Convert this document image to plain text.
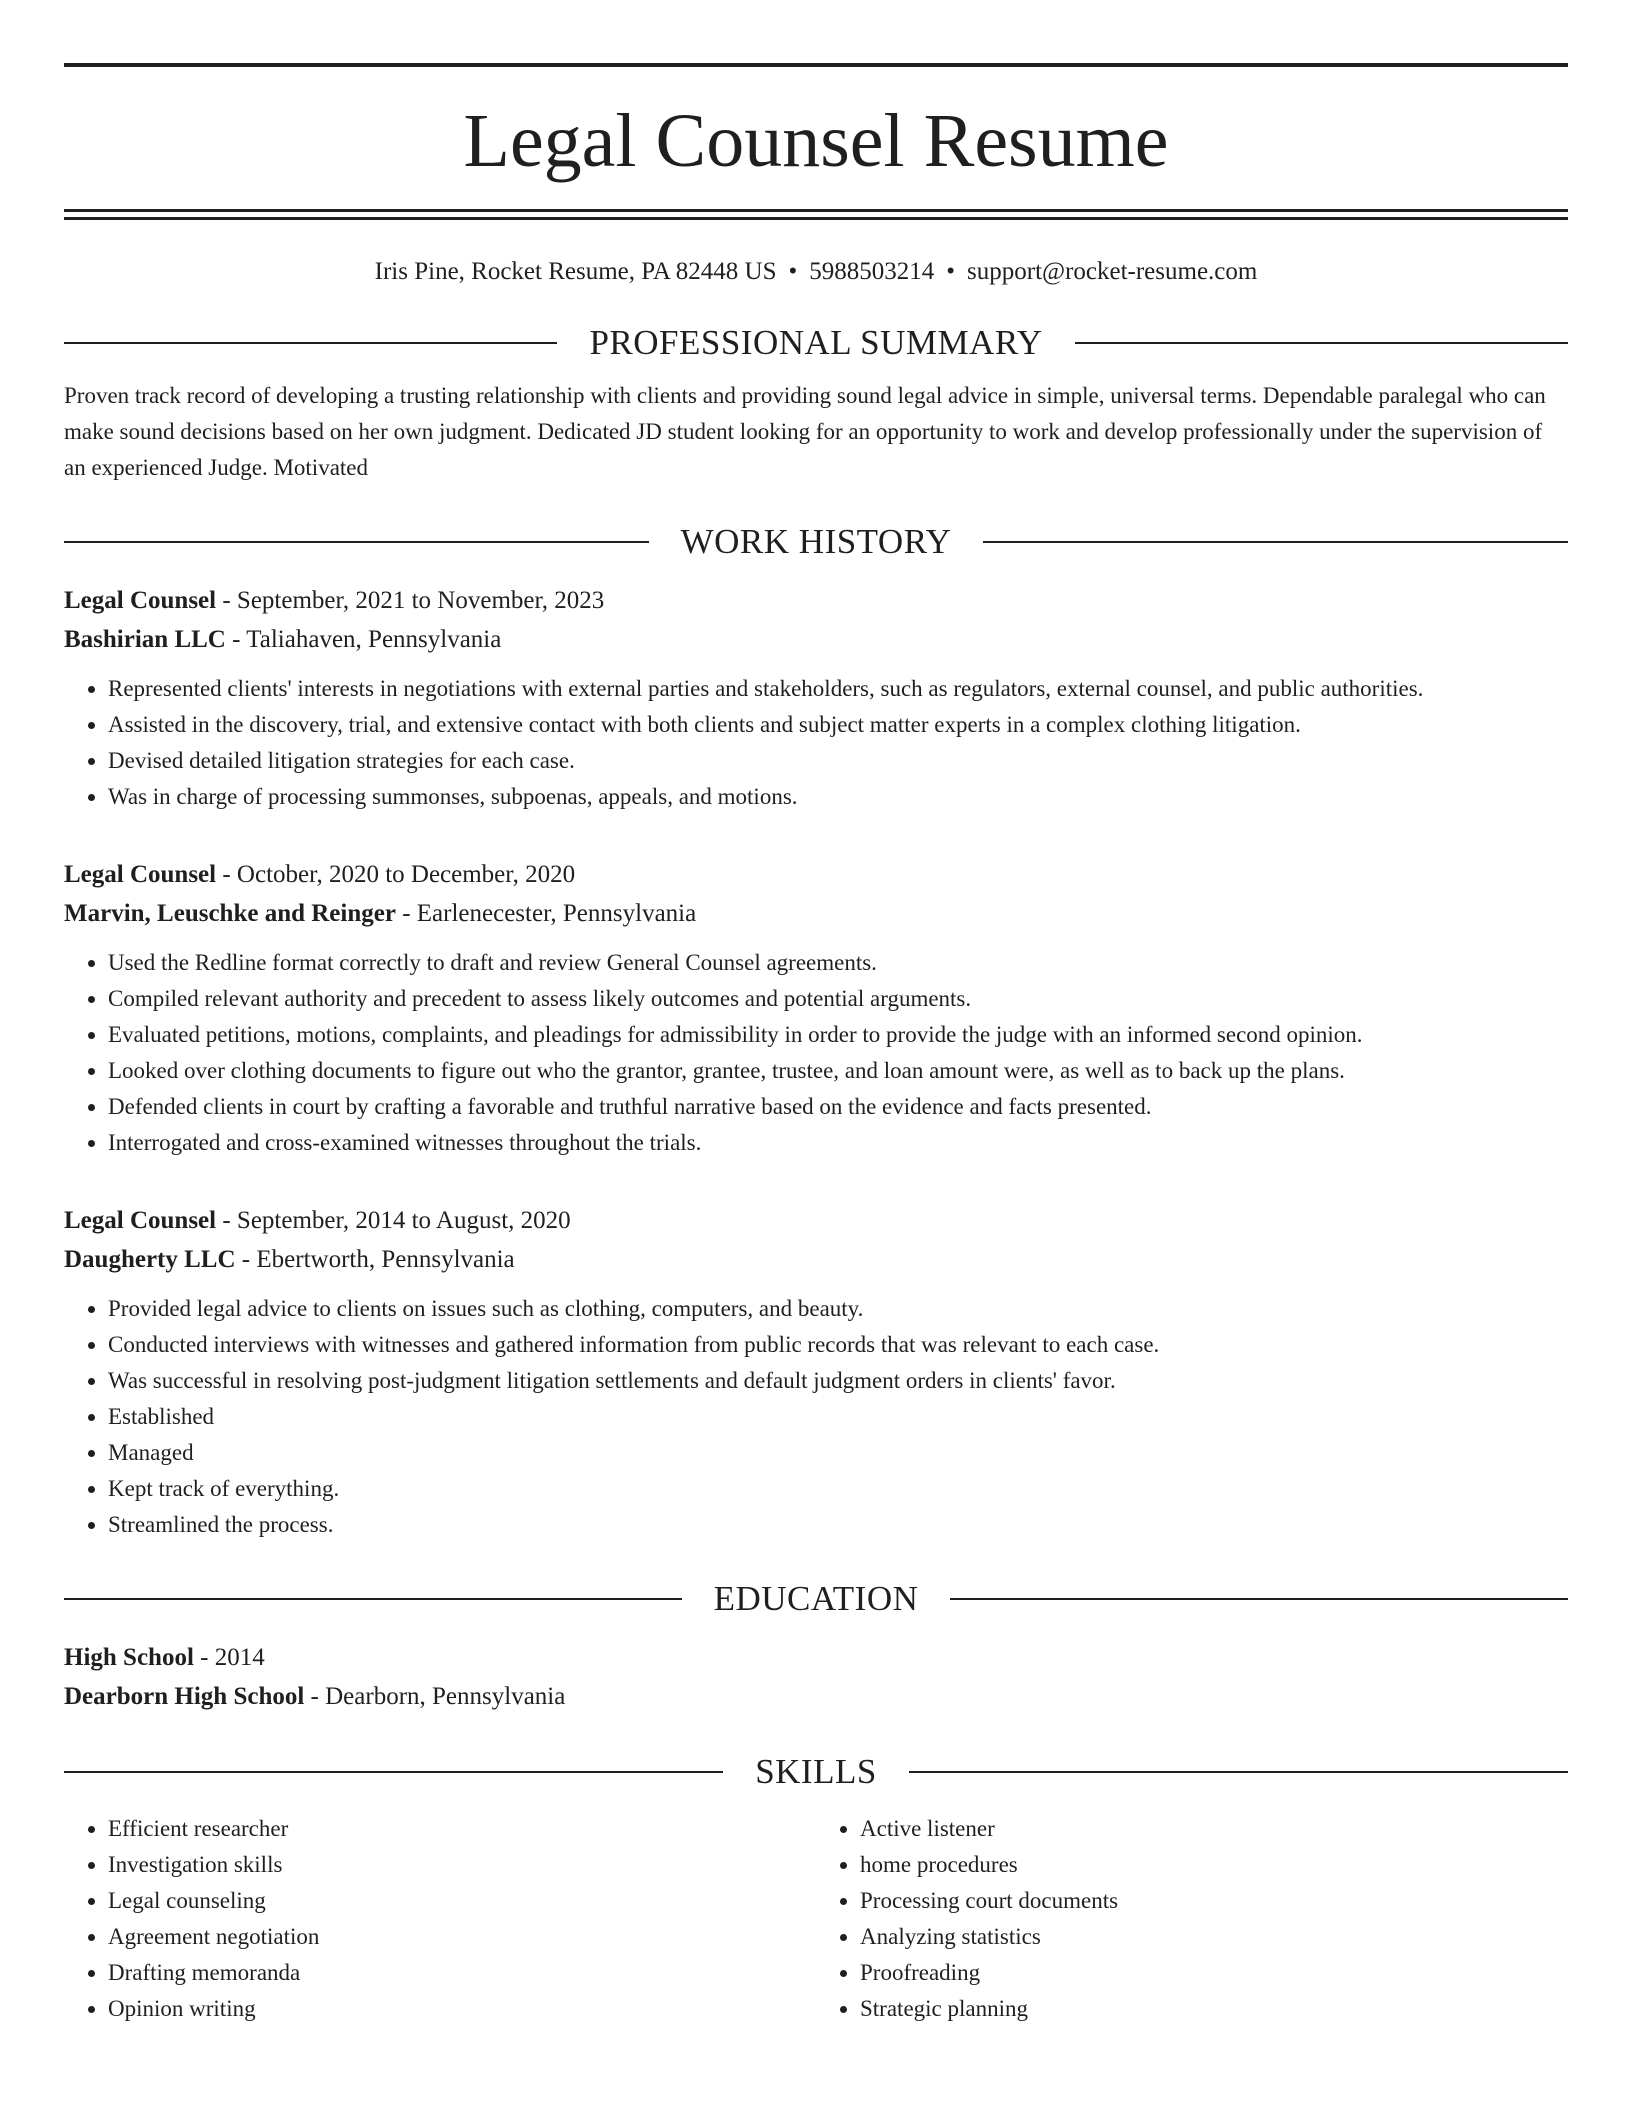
Legal Counsel Resume
Iris Pine, Rocket Resume, PA 82448 US • 5988503214 • support@rocket-resume.com
PROFESSIONAL SUMMARY

Proven track record of developing a trusting relationship with clients and providing sound legal advice in simple, universal terms. Dependable paralegal who can make sound decisions based on her own judgment. Dedicated JD student looking for an opportunity to work and develop professionally under the supervision of an experienced Judge. Motivated

WORK HISTORY
Legal Counsel - September, 2021 to November, 2023
Bashirian LLC - Taliahaven, Pennsylvania
• Represented clients' interests in negotiations with external parties and stakeholders, such as regulators, external counsel, and public authorities.
• Assisted in the discovery, trial, and extensive contact with both clients and subject matter experts in a complex clothing litigation.
• Devised detailed litigation strategies for each case.
• Was in charge of processing summonses, subpoenas, appeals, and motions.
Legal Counsel - October, 2020 to December, 2020
Marvin, Leuschke and Reinger - Earlenecester, Pennsylvania
• Used the Redline format correctly to draft and review General Counsel agreements.
• Compiled relevant authority and precedent to assess likely outcomes and potential arguments.
• Evaluated petitions, motions, complaints, and pleadings for admissibility in order to provide the judge with an informed second opinion.
• Looked over clothing documents to figure out who the grantor, grantee, trustee, and loan amount were, as well as to back up the plans.
• Defended clients in court by crafting a favorable and truthful narrative based on the evidence and facts presented.
• Interrogated and cross-examined witnesses throughout the trials.
Legal Counsel - September, 2014 to August, 2020
Daugherty LLC - Ebertworth, Pennsylvania
• Provided legal advice to clients on issues such as clothing, computers, and beauty.
• Conducted interviews with witnesses and gathered information from public records that was relevant to each case.
• Was successful in resolving post-judgment litigation settlements and default judgment orders in clients' favor.
• Established
• Managed
• Kept track of everything.
• Streamlined the process.
EDUCATION
High School - 2014
Dearborn High School - Dearborn, Pennsylvania
SKILLS
• Efficient researcher
• Investigation skills
• Legal counseling
• Agreement negotiation
• Drafting memoranda
• Opinion writing
• Active listener
• home procedures
• Processing court documents
• Analyzing statistics
• Proofreading
• Strategic planning
